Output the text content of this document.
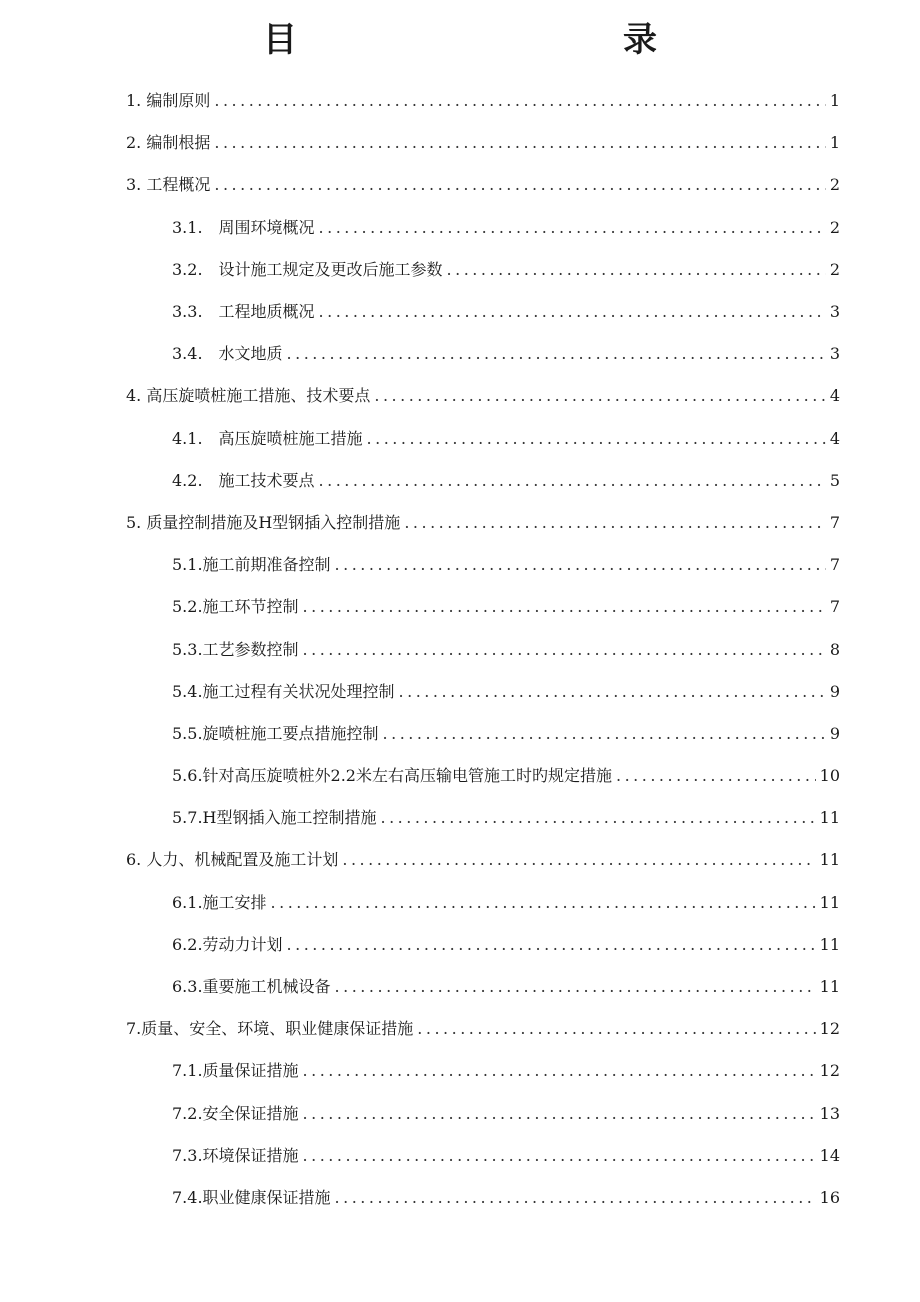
目　　录
1. 编制原则 .....	1
2. 编制根据 .....	1
3. 工程概况 .....	2
3.1.　周围环境概况 .....	2
3.2.　设计施工规定及更改后施工参数 .....	2
3.3.　工程地质概况 .....	3
3.4.　水文地质 .....	3
4. 高压旋喷桩施工措施、技术要点 .....	4
4.1.　高压旋喷桩施工措施 .....	4
4.2.　施工技术要点 .....	5
5. 质量控制措施及H型钢插入控制措施 .....	7
5.1.施工前期准备控制 .....	7
5.2.施工环节控制 .....	7
5.3.工艺参数控制 .....	8
5.4.施工过程有关状况处理控制 .....	9
5.5.旋喷桩施工要点措施控制 .....	9
5.6.针对高压旋喷桩外2.2米左右高压输电管施工时旳规定措施 .....	10
5.7.H型钢插入施工控制措施 .....	11
6. 人力、机械配置及施工计划 .....	11
6.1.施工安排 .....	11
6.2.劳动力计划 .....	11
6.3.重要施工机械设备 .....	11
7.质量、安全、环境、职业健康保证措施 .....	12
7.1.质量保证措施 .....	12
7.2.安全保证措施 .....	13
7.3.环境保证措施 .....	14
7.4.职业健康保证措施 .....	16
